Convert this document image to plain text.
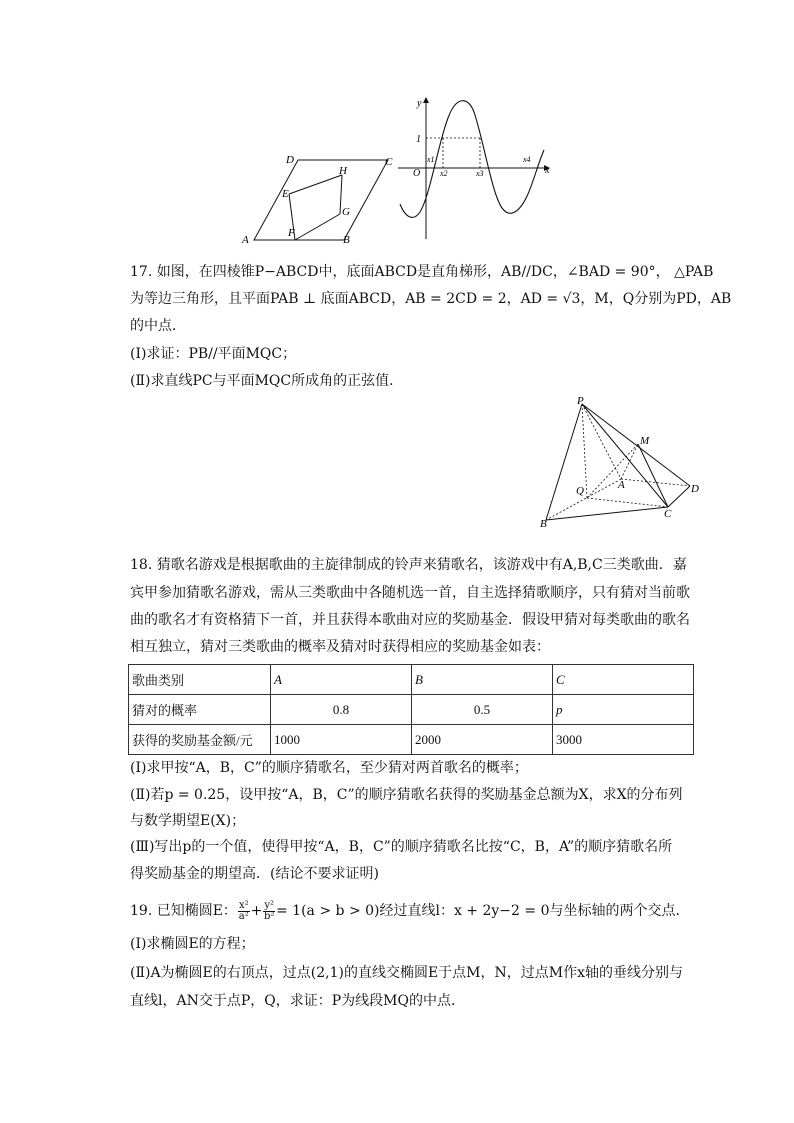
D	C
H
E
G
F
A	B
y
1
O
x1
x2	x3
x4
x
17. 如图，在四棱锥P−ABCD中，底面ABCD是直角梯形，AB//DC，∠BAD = 90°， △PAB
为等边三角形，且平面PAB ⊥ 底面ABCD，AB = 2CD = 2，AD = √3，M，Q分别为PD，AB
的中点．
(Ⅰ)求证：PB//平面MQC；
(Ⅱ)求直线PC与平面MQC所成角的正弦值．
P
M
A
Q	D
C
B
18. 猜歌名游戏是根据歌曲的主旋律制成的铃声来猜歌名，该游戏中有A,B,C三类歌曲．嘉
宾甲参加猜歌名游戏，需从三类歌曲中各随机选一首，自主选择猜歌顺序，只有猜对当前歌
曲的歌名才有资格猜下一首，并且获得本歌曲对应的奖励基金．假设甲猜对每类歌曲的歌名
相互独立，猜对三类歌曲的概率及猜对时获得相应的奖励基金如表：
歌曲类别	A	B	C
猜对的概率	0.8	0.5	p
获得的奖励基金额/元	1000	2000	3000
(Ⅰ)求甲按“A，B，C”的顺序猜歌名，至少猜对两首歌名的概率；
(Ⅱ)若p = 0.25，设甲按“A，B，C”的顺序猜歌名获得的奖励基金总额为X，求X的分布列
与数学期望E(X)；
(Ⅲ)写出p的一个值，使得甲按“A，B，C”的顺序猜歌名比按“C，B，A”的顺序猜歌名所
得奖励基金的期望高．(结论不要求证明)
19. 已知椭圆E： $\frac{\text{x²}}{\text{a²}} + \frac{\text{y²}}{\text{b²}} = 1(a > b > 0)$经过直线l：x + 2y−2 = 0与坐标轴的两个交点．
(Ⅰ)求椭圆E的方程；
(Ⅱ)A为椭圆E的右顶点，过点(2,1)的直线交椭圆E于点M，N，过点M作x轴的垂线分别与
直线l，AN交于点P，Q，求证：P为线段MQ的中点．
